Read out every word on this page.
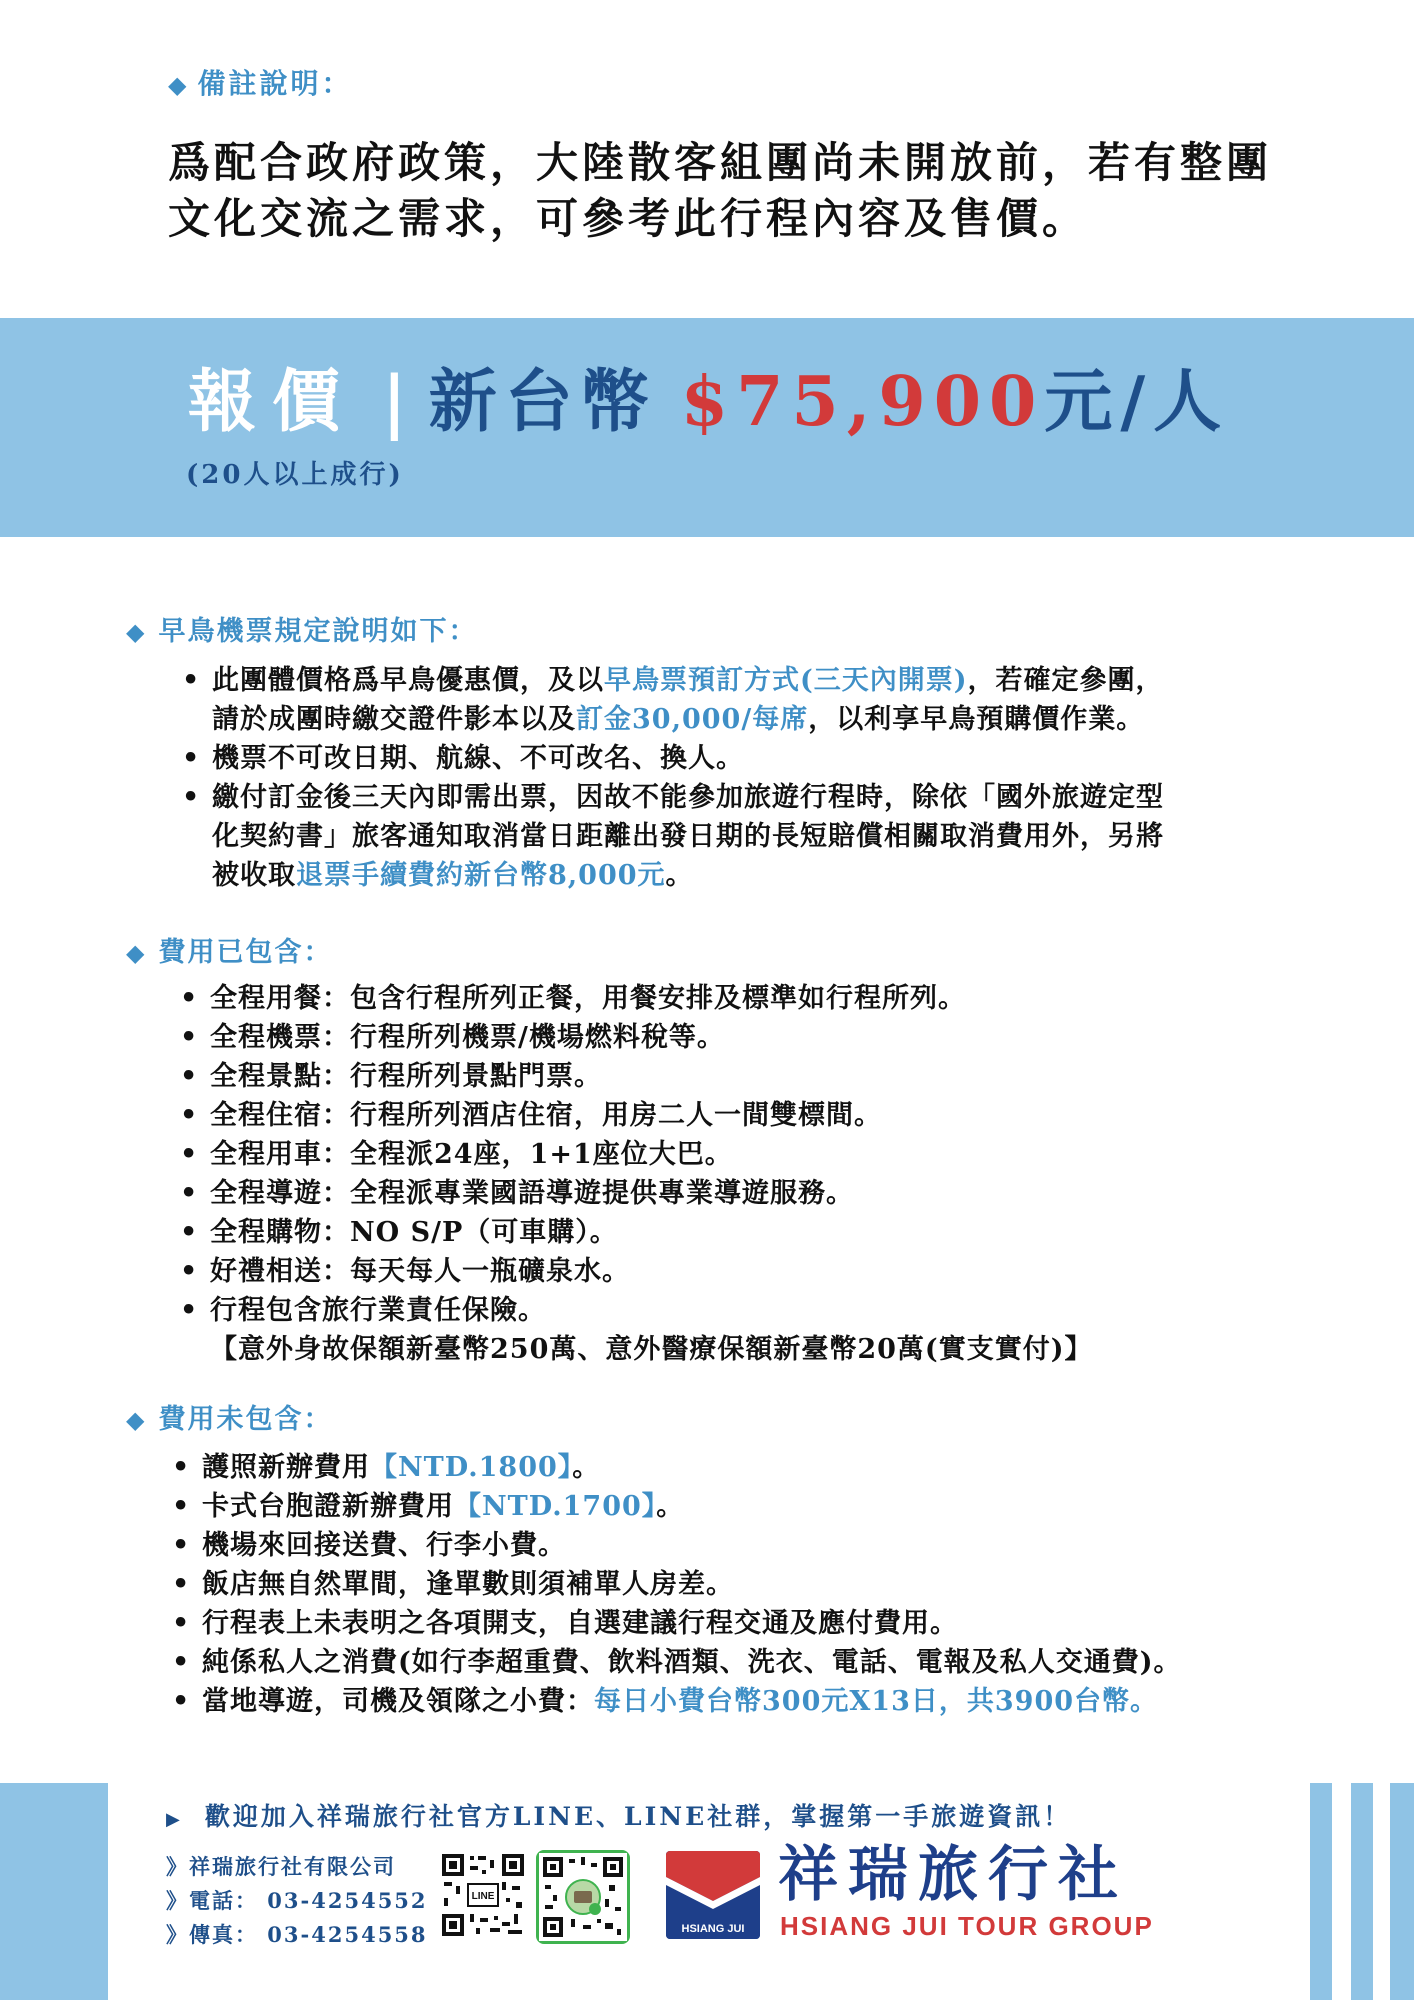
◆ 備註說明：
爲配合政府政策，大陸散客組團尚未開放前，若有整團文化交流之需求，可參考此行程內容及售價。
報價 | 新台幣 $75,900元/人
(20人以上成行)
◆ 早鳥機票規定說明如下：
• 此團體價格爲早鳥優惠價，及以早鳥票預訂方式(三天內開票)，若確定參團，
請於成團時繳交證件影本以及訂金30,000/每席，以利享早鳥預購價作業。
• 機票不可改日期、航線、不可改名、換人。
• 繳付訂金後三天內即需出票，因故不能參加旅遊行程時，除依「國外旅遊定型
化契約書」旅客通知取消當日距離出發日期的長短賠償相關取消費用外，另將
被收取退票手續費約新台幣8,000元。
◆ 費用已包含：
• 全程用餐：包含行程所列正餐，用餐安排及標準如行程所列。
• 全程機票：行程所列機票/機場燃料稅等。
• 全程景點：行程所列景點門票。
• 全程住宿：行程所列酒店住宿，用房二人一間雙標間。
• 全程用車：全程派24座，1+1座位大巴。
• 全程導遊：全程派專業國語導遊提供專業導遊服務。
• 全程購物：NO S/P（可車購）。
• 好禮相送：每天每人一瓶礦泉水。
• 行程包含旅行業責任保險。
【意外身故保額新臺幣250萬、意外醫療保額新臺幣20萬(實支實付)】
◆ 費用未包含：
• 護照新辦費用【NTD.1800】。
• 卡式台胞證新辦費用【NTD.1700】。
• 機場來回接送費、行李小費。
• 飯店無自然單間，逢單數則須補單人房差。
• 行程表上未表明之各項開支，自選建議行程交通及應付費用。
• 純係私人之消費(如行李超重費、飲料酒類、洗衣、電話、電報及私人交通費)。
• 當地導遊，司機及領隊之小費：每日小費台幣300元X13日，共3900台幣。
▶ 歡迎加入祥瑞旅行社官方LINE、LINE社群，掌握第一手旅遊資訊！
》祥瑞旅行社有限公司
》電話： 03-4254552
》傳真： 03-4254558
LINE
HSIANG JUI
祥瑞旅行社
HSIANG JUI TOUR GROUP
